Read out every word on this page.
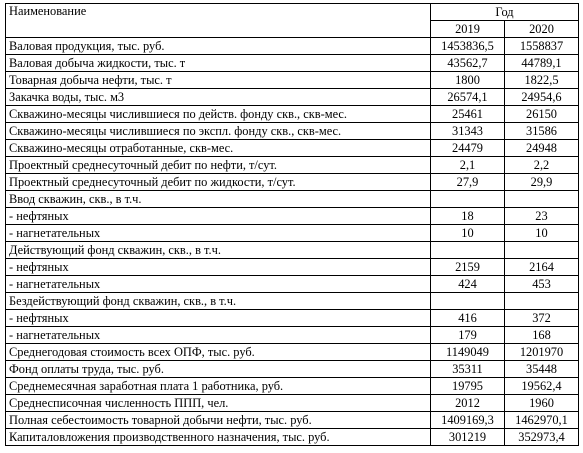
Наименование	Год	
	2019	2020
Валовая продукция, тыс. руб.	1453836,5	1558837
Валовая добыча жидкости, тыс. т	43562,7	44789,1
Товарная добыча нефти, тыс. т	1800	1822,5
Закачка воды, тыс. м3	26574,1	24954,6
Скважино-месяцы числившиеся по действ. фонду скв., скв-мес.	25461	26150
Скважино-месяцы числившиеся по экспл. фонду скв., скв-мес.	31343	31586
Скважино-месяцы отработанные, скв-мес.	24479	24948
Проектный среднесуточный дебит по нефти, т/сут.	2,1	2,2
Проектный среднесуточный дебит по жидкости, т/сут.	27,9	29,9
Ввод скважин, скв., в т.ч.		
- нефтяных	18	23
- нагнетательных	10	10
Действующий фонд скважин, скв., в т.ч.		
- нефтяных	2159	2164
- нагнетательных	424	453
Бездействующий фонд скважин, скв., в т.ч.		
- нефтяных	416	372
- нагнетательных	179	168
Среднегодовая стоимость всех ОПФ, тыс. руб.	1149049	1201970
Фонд оплаты труда, тыс. руб.	35311	35448
Среднемесячная заработная плата 1 работника, руб.	19795	19562,4
Среднесписочная численность ППП, чел.	2012	1960
Полная себестоимость товарной добычи нефти, тыс. руб.	1409169,3	1462970,1
Капиталовложения производственного назначения, тыс. руб.	301219	352973,4
